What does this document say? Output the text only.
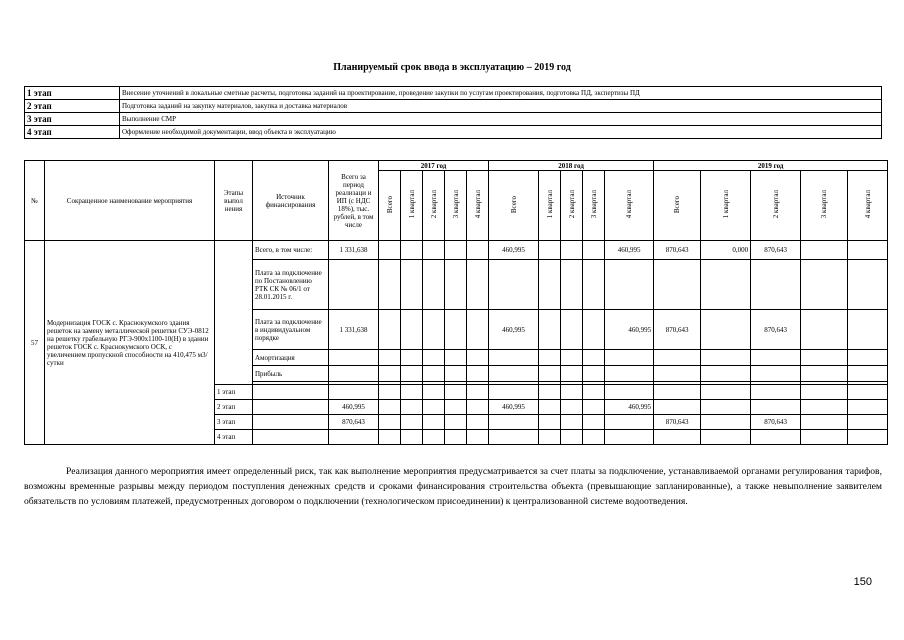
Планируемый срок ввода в эксплуатацию – 2019 год
1 этап	Внесение уточнений в локальные сметные расчеты, подготовка заданий на проектирование, проведение закупки по услугам проектирования, подготовка ПД, экспертизы ПД
2 этап	Подготовка заданий на закупку материалов, закупка и доставка материалов
3 этап	Выполнение СМР
4 этап	Оформление необходимой документации, ввод объекта в эксплуатацию
№	Сокращенное наименование мероприятия	Этапы выпол нения	Источник финансирования	Всего за период реализаци и ИП (с НДС 18%), тыс. рублей, в том числе	2017 год					2018 год					2019 год				
					Всего	1 квартал	2 квартал	3 квартал	4 квартал	Всего	1 квартал	2 квартал	3 квартал	4 квартал	Всего	1 квартал	2 квартал	3 квартал	4 квартал
57	Модернизация ГОСК с. Краснокумского здания решеток на замену металлической решетки СУЭ-0812 на решетку грабельную РГЭ-900х1100-10(Н) в здании решеток ГОСК с. Краснокумского ОСК, с увеличением пропускной способности на 410,475 м3/сутки		Всего, в том числе:	1 331,638						460,995				460,995	870,643	0,000	870,643		
			Плата за подключение по Постановлению РТК СК № 06/1 от 28.01.2015 г.																
			Плата за подключение в индивидуальном порядке	1 331,638						460,995				460,995	870,643		870,643		
			Амортизация																
			Прибыль																

		1 этап																	
		2 этап		460,995						460,995				460,995					
		3 этап		870,643											870,643		870,643		
		4 этап																	
Реализация данного мероприятия имеет определенный риск, так как выполнение мероприятия предусматривается за счет платы за подключение, устанавливаемой органами регулирования тарифов, возможны временные разрывы между периодом поступления денежных средств и сроками финансирования строительства объекта (превышающие запланированные), а также невыполнение заявителем обязательств по условиям платежей, предусмотренных договором о подключении (технологическом присоединении) к централизованной системе водоотведения.
150
